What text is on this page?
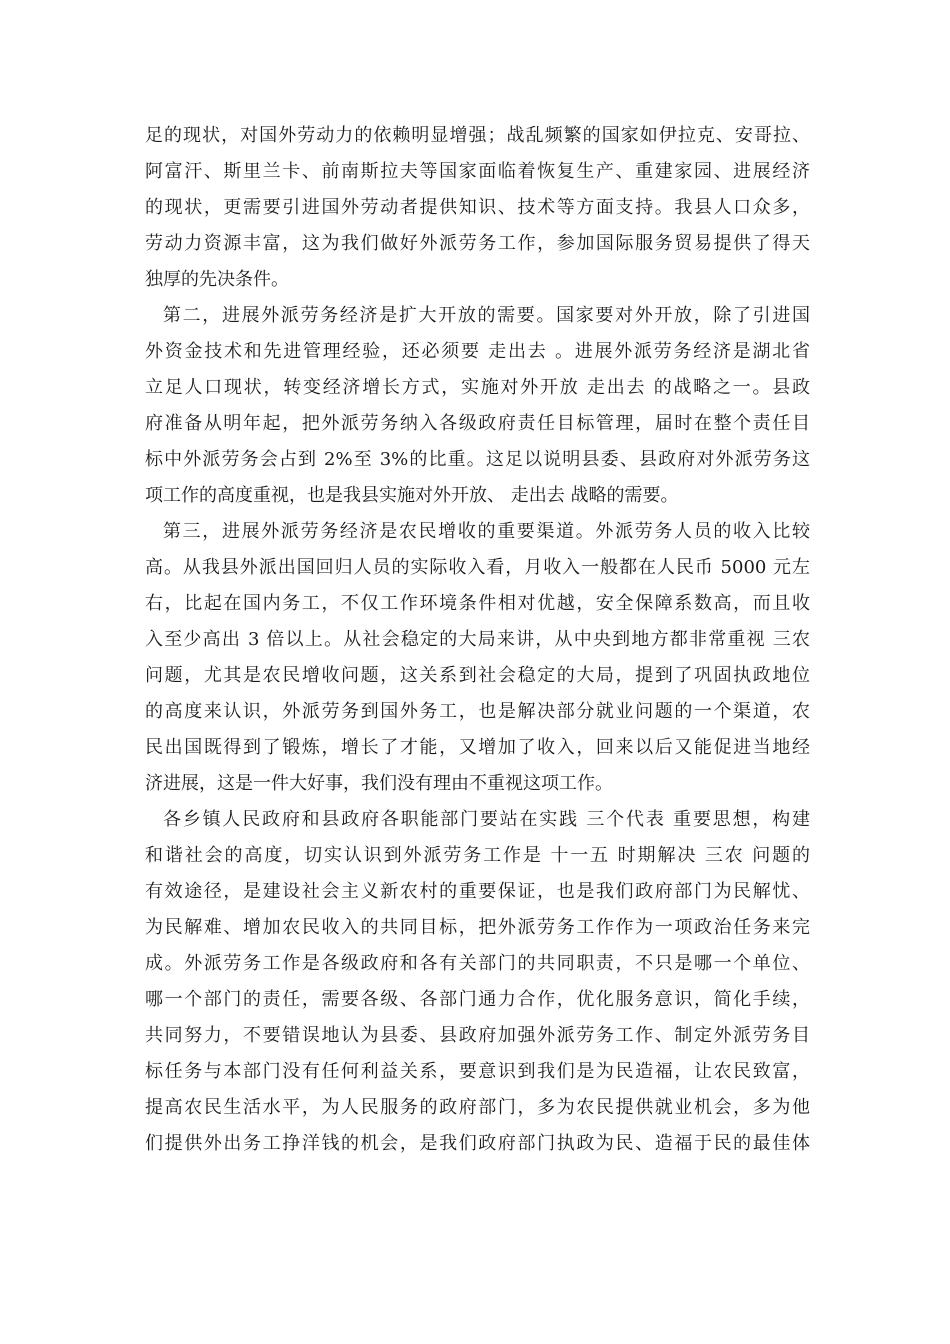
足的现状，对国外劳动力的依赖明显增强；战乱频繁的国家如伊拉克、安哥拉、
阿富汗、斯里兰卡、前南斯拉夫等国家面临着恢复生产、重建家园、进展经济
的现状，更需要引进国外劳动者提供知识、技术等方面支持。我县人口众多，
劳动力资源丰富，这为我们做好外派劳务工作，参加国际服务贸易提供了得天
独厚的先决条件。
第二，进展外派劳务经济是扩大开放的需要。国家要对外开放，除了引进国
外资金技术和先进管理经验，还必须要 走出去 。进展外派劳务经济是湖北省
立足人口现状，转变经济增长方式，实施对外开放 走出去 的战略之一。县政
府准备从明年起，把外派劳务纳入各级政府责任目标管理，届时在整个责任目
标中外派劳务会占到 2%至 3%的比重。这足以说明县委、县政府对外派劳务这
项工作的高度重视，也是我县实施对外开放、 走出去 战略的需要。
第三，进展外派劳务经济是农民增收的重要渠道。外派劳务人员的收入比较
高。从我县外派出国回归人员的实际收入看，月收入一般都在人民币 5000 元左
右，比起在国内务工，不仅工作环境条件相对优越，安全保障系数高，而且收
入至少高出 3 倍以上。从社会稳定的大局来讲，从中央到地方都非常重视 三农
问题，尤其是农民增收问题，这关系到社会稳定的大局，提到了巩固执政地位
的高度来认识，外派劳务到国外务工，也是解决部分就业问题的一个渠道，农
民出国既得到了锻炼，增长了才能，又增加了收入，回来以后又能促进当地经
济进展，这是一件大好事，我们没有理由不重视这项工作。
各乡镇人民政府和县政府各职能部门要站在实践 三个代表 重要思想，构建
和谐社会的高度，切实认识到外派劳务工作是 十一五 时期解决 三农 问题的
有效途径，是建设社会主义新农村的重要保证，也是我们政府部门为民解忧、
为民解难、增加农民收入的共同目标，把外派劳务工作作为一项政治任务来完
成。外派劳务工作是各级政府和各有关部门的共同职责，不只是哪一个单位、
哪一个部门的责任，需要各级、各部门通力合作，优化服务意识，简化手续，
共同努力，不要错误地认为县委、县政府加强外派劳务工作、制定外派劳务目
标任务与本部门没有任何利益关系，要意识到我们是为民造福，让农民致富，
提高农民生活水平，为人民服务的政府部门，多为农民提供就业机会，多为他
们提供外出务工挣洋钱的机会，是我们政府部门执政为民、造福于民的最佳体
